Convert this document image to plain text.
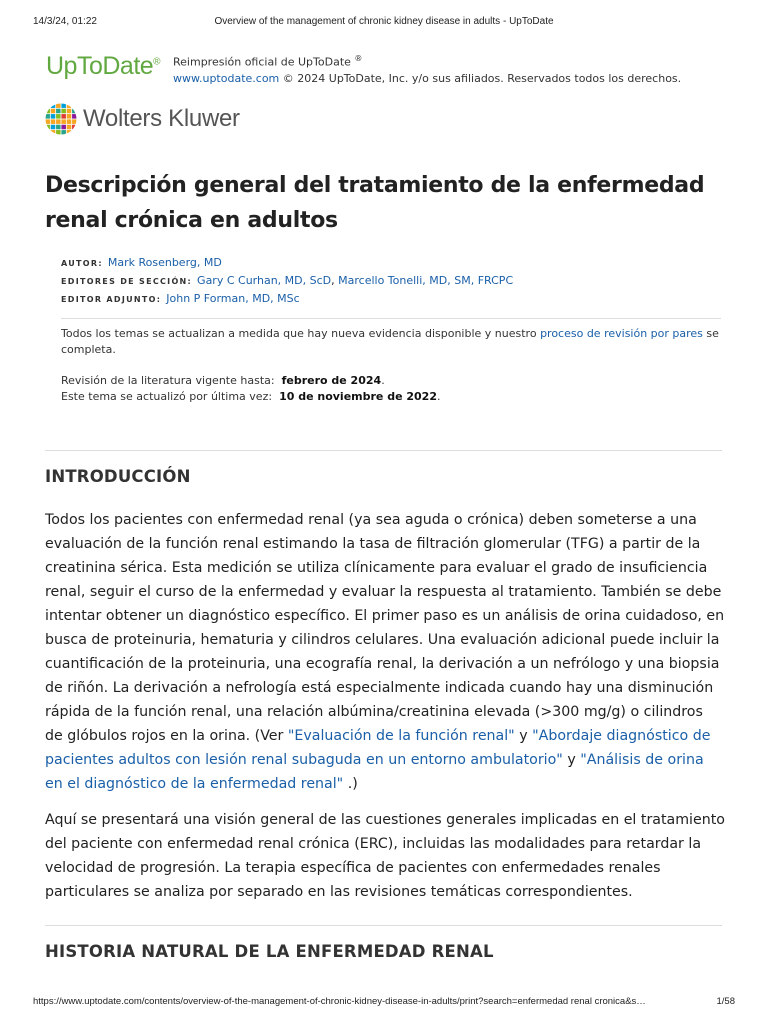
14/3/24, 01:22	Overview of the management of chronic kidney disease in adults - UpToDate
UpToDate® Reimpresión oficial de UpToDate ®
www.uptodate.com © 2024 UpToDate, Inc. y/o sus afiliados. Reservados todos los derechos.
Wolters Kluwer
Descripción general del tratamiento de la enfermedad renal crónica en adultos
AUTOR: Mark Rosenberg, MD
EDITORES DE SECCIÓN: Gary C Curhan, MD, ScD, Marcello Tonelli, MD, SM, FRCPC
EDITOR ADJUNTO: John P Forman, MD, MSc
Todos los temas se actualizan a medida que hay nueva evidencia disponible y nuestro proceso de revisión por pares se completa.
Revisión de la literatura vigente hasta: febrero de 2024.
Este tema se actualizó por última vez: 10 de noviembre de 2022.
INTRODUCCIÓN
Todos los pacientes con enfermedad renal (ya sea aguda o crónica) deben someterse a una evaluación de la función renal estimando la tasa de filtración glomerular (TFG) a partir de la creatinina sérica. Esta medición se utiliza clínicamente para evaluar el grado de insuficiencia renal, seguir el curso de la enfermedad y evaluar la respuesta al tratamiento. También se debe intentar obtener un diagnóstico específico. El primer paso es un análisis de orina cuidadoso, en busca de proteinuria, hematuria y cilindros celulares. Una evaluación adicional puede incluir la cuantificación de la proteinuria, una ecografía renal, la derivación a un nefrólogo y una biopsia de riñón. La derivación a nefrología está especialmente indicada cuando hay una disminución rápida de la función renal, una relación albúmina/creatinina elevada (>300 mg/g) o cilindros de glóbulos rojos en la orina. (Ver "Evaluación de la función renal" y "Abordaje diagnóstico de pacientes adultos con lesión renal subaguda en un entorno ambulatorio" y "Análisis de orina en el diagnóstico de la enfermedad renal" .)
Aquí se presentará una visión general de las cuestiones generales implicadas en el tratamiento del paciente con enfermedad renal crónica (ERC), incluidas las modalidades para retardar la velocidad de progresión. La terapia específica de pacientes con enfermedades renales particulares se analiza por separado en las revisiones temáticas correspondientes.
HISTORIA NATURAL DE LA ENFERMEDAD RENAL
https://www.uptodate.com/contents/overview-of-the-management-of-chronic-kidney-disease-in-adults/print?search=enfermedad renal cronica&s…	1/58
